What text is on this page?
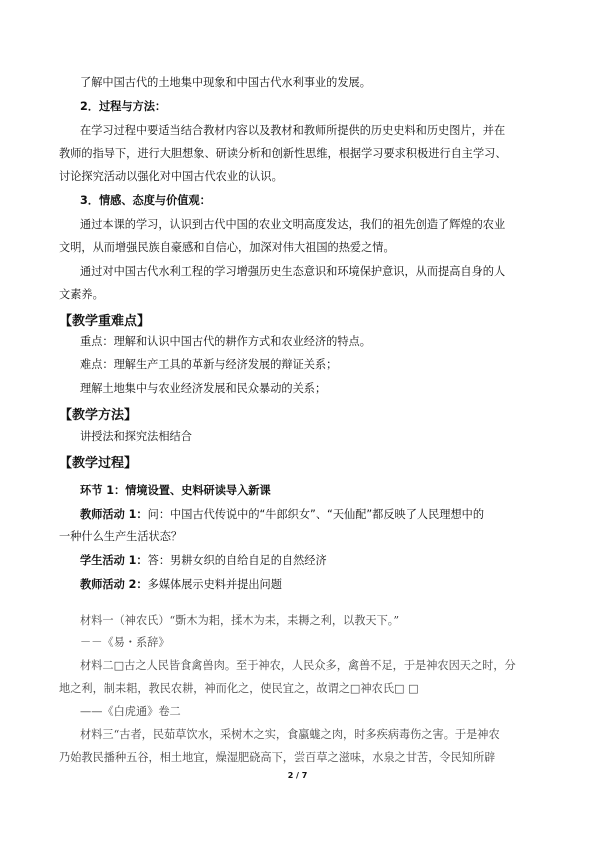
了解中国古代的土地集中现象和中国古代水利事业的发展。
2．过程与方法：
在学习过程中要适当结合教材内容以及教材和教师所提供的历史史料和历史图片，并在
教师的指导下，进行大胆想象、研读分析和创新性思维，根据学习要求积极进行自主学习、
讨论探究活动以强化对中国古代农业的认识。
3．情感、态度与价值观：
通过本课的学习，认识到古代中国的农业文明高度发达，我们的祖先创造了辉煌的农业
文明，从而增强民族自豪感和自信心，加深对伟大祖国的热爱之情。
通过对中国古代水利工程的学习增强历史生态意识和环境保护意识，从而提高自身的人
文素养。
【教学重难点】
重点：理解和认识中国古代的耕作方式和农业经济的特点。
难点：理解生产工具的革新与经济发展的辩证关系；
理解土地集中与农业经济发展和民众暴动的关系；
【教学方法】
讲授法和探究法相结合
【教学过程】
环节 1：情境设置、史料研读导入新课
教师活动 1：问：中国古代传说中的“牛郎织女”、“天仙配”都反映了人民理想中的
一种什么生产生活状态？
学生活动 1：答：男耕女织的自给自足的自然经济
教师活动 2：多媒体展示史料并提出问题
材料一（神农氏）“斲木为耜，揉木为耒，耒耨之利，以教天下。”
－－《易・系辞》
材料二□古之人民皆食禽兽肉。至于神农，人民众多，禽兽不足，于是神农因天之时，分
地之利，制耒耜，教民农耕，神而化之，使民宜之，故谓之□神农氏□ □
——《白虎通》卷二
材料三“古者，民茹草饮水，采树木之实，食蠃蛖之肉，时多疾病毒伤之害。于是神农
乃始教民播种五谷，相土地宜，燥湿肥硗高下，尝百草之滋味，水泉之甘苦，令民知所辟
2 / 7
